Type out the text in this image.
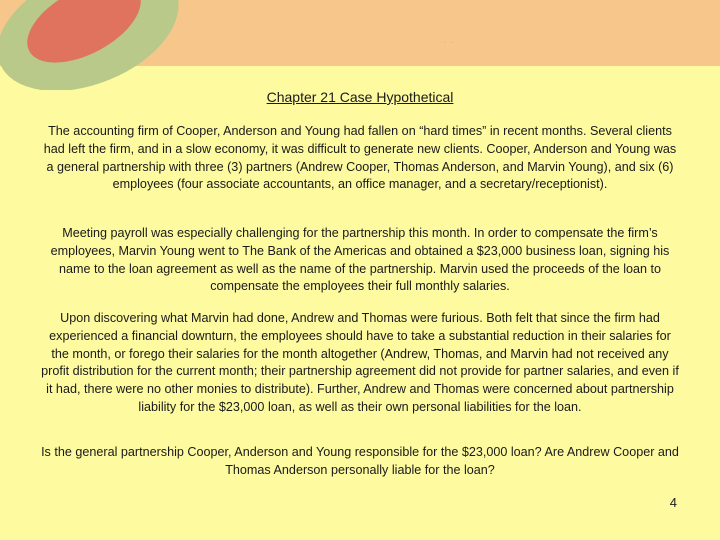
· ·
Chapter 21 Case Hypothetical

The accounting firm of Cooper, Anderson and Young had fallen on “hard times” in recent months. Several clients had left the firm, and in a slow economy, it was difficult to generate new clients. Cooper, Anderson and Young was a general partnership with three (3) partners (Andrew Cooper, Thomas Anderson, and Marvin Young), and six (6) employees (four associate accountants, an office manager, and a secretary/receptionist).

Meeting payroll was especially challenging for the partnership this month. In order to compensate the firm’s employees, Marvin Young went to The Bank of the Americas and obtained a $23,000 business loan, signing his name to the loan agreement as well as the name of the partnership. Marvin used the proceeds of the loan to compensate the employees their full monthly salaries.

Upon discovering what Marvin had done, Andrew and Thomas were furious. Both felt that since the firm had experienced a financial downturn, the employees should have to take a substantial reduction in their salaries for the month, or forego their salaries for the month altogether (Andrew, Thomas, and Marvin had not received any profit distribution for the current month; their partnership agreement did not provide for partner salaries, and even if it had, there were no other monies to distribute). Further, Andrew and Thomas were concerned about partnership liability for the $23,000 loan, as well as their own personal liabilities for the loan.

Is the general partnership Cooper, Anderson and Young responsible for the $23,000 loan? Are Andrew Cooper and Thomas Anderson personally liable for the loan?

4
